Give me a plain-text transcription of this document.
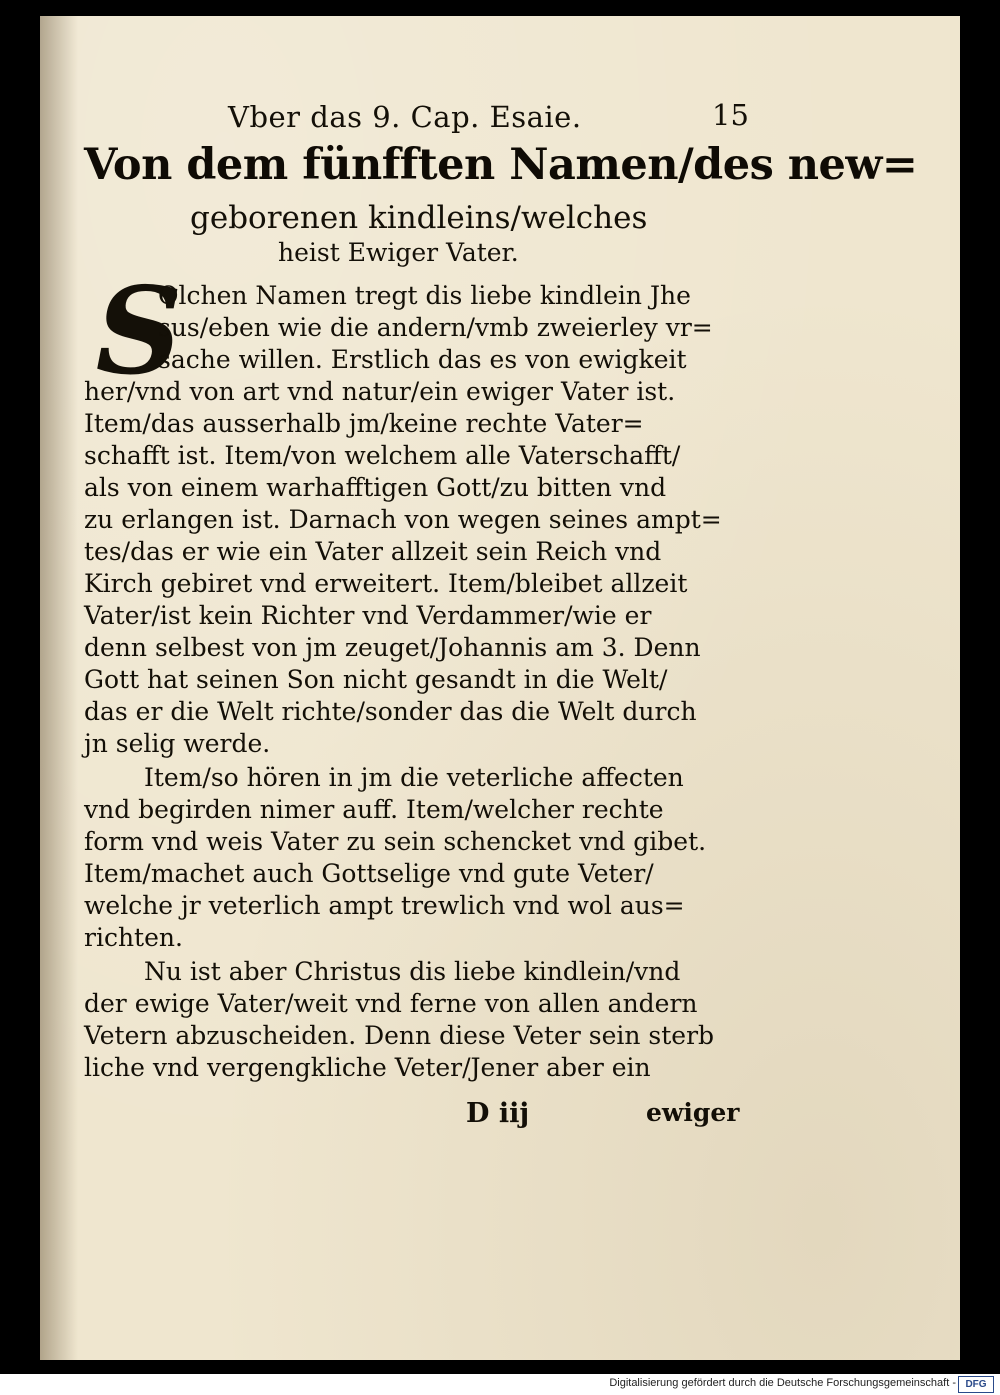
Vber das 9. Cap. Esaie.	15
Von dem fünfften Namen/des new=
geborenen kindleins/welches
heist Ewiger Vater.
S
Olchen Namen tregt dis liebe kindlein Jhe
sus/eben wie die andern/vmb zweierley vr=
sache willen. Erstlich das es von ewigkeit
her/vnd von art vnd natur/ein ewiger Vater ist.
Item/das ausserhalb jm/keine rechte Vater=
schafft ist. Item/von welchem alle Vaterschafft/
als von einem warhafftigen Gott/zu bitten vnd
zu erlangen ist. Darnach von wegen seines ampt=
tes/das er wie ein Vater allzeit sein Reich vnd
Kirch gebiret vnd erweitert. Item/bleibet allzeit
Vater/ist kein Richter vnd Verdammer/wie er
denn selbest von jm zeuget/Johannis am 3. Denn
Gott hat seinen Son nicht gesandt in die Welt/
das er die Welt richte/sonder das die Welt durch
jn selig werde.
Item/so hören in jm die veterliche affecten
vnd begirden nimer auff. Item/welcher rechte
form vnd weis Vater zu sein schencket vnd gibet.
Item/machet auch Gottselige vnd gute Veter/
welche jr veterlich ampt trewlich vnd wol aus=
richten.
Nu ist aber Christus dis liebe kindlein/vnd
der ewige Vater/weit vnd ferne von allen andern
Vetern abzuscheiden. Denn diese Veter sein sterb
liche vnd vergengkliche Veter/Jener aber ein
D iij	ewiger
Digitalisierung gefördert durch die Deutsche Forschungsgemeinschaft - DFG
